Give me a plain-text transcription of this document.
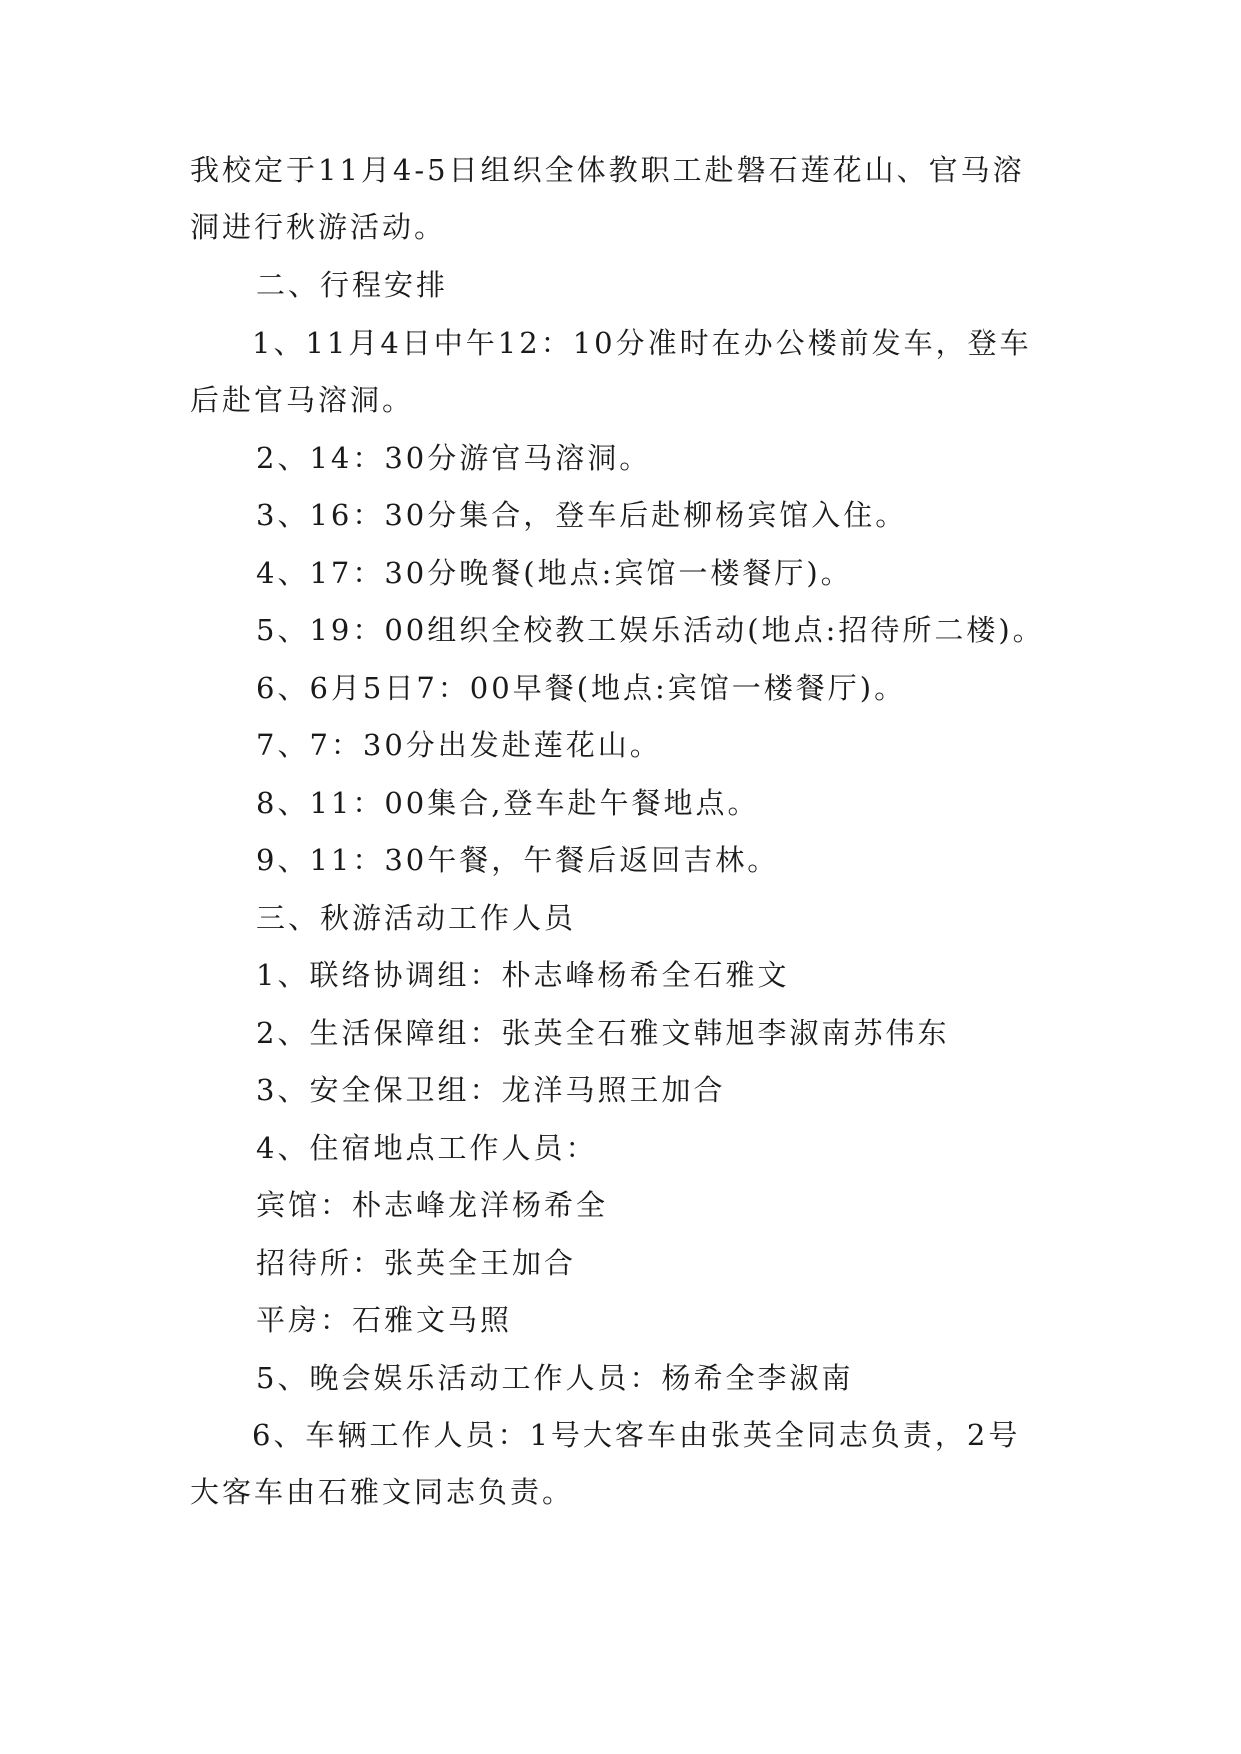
我校定于11月4-5日组织全体教职工赴磐石莲花山、官马溶洞进行秋游活动。

二、行程安排

1、11月4日中午12：10分准时在办公楼前发车，登车后赴官马溶洞。

2、14：30分游官马溶洞。

3、16：30分集合，登车后赴柳杨宾馆入住。

4、17：30分晚餐(地点:宾馆一楼餐厅)。

5、19：00组织全校教工娱乐活动(地点:招待所二楼)。

6、6月5日7：00早餐(地点:宾馆一楼餐厅)。

7、7：30分出发赴莲花山。

8、11：00集合,登车赴午餐地点。

9、11：30午餐，午餐后返回吉林。

三、秋游活动工作人员

1、联络协调组：朴志峰杨希全石雅文

2、生活保障组：张英全石雅文韩旭李淑南苏伟东

3、安全保卫组：龙洋马照王加合

4、住宿地点工作人员：

宾馆：朴志峰龙洋杨希全

招待所：张英全王加合

平房：石雅文马照

5、晚会娱乐活动工作人员：杨希全李淑南

6、车辆工作人员：1号大客车由张英全同志负责，2号大客车由石雅文同志负责。
